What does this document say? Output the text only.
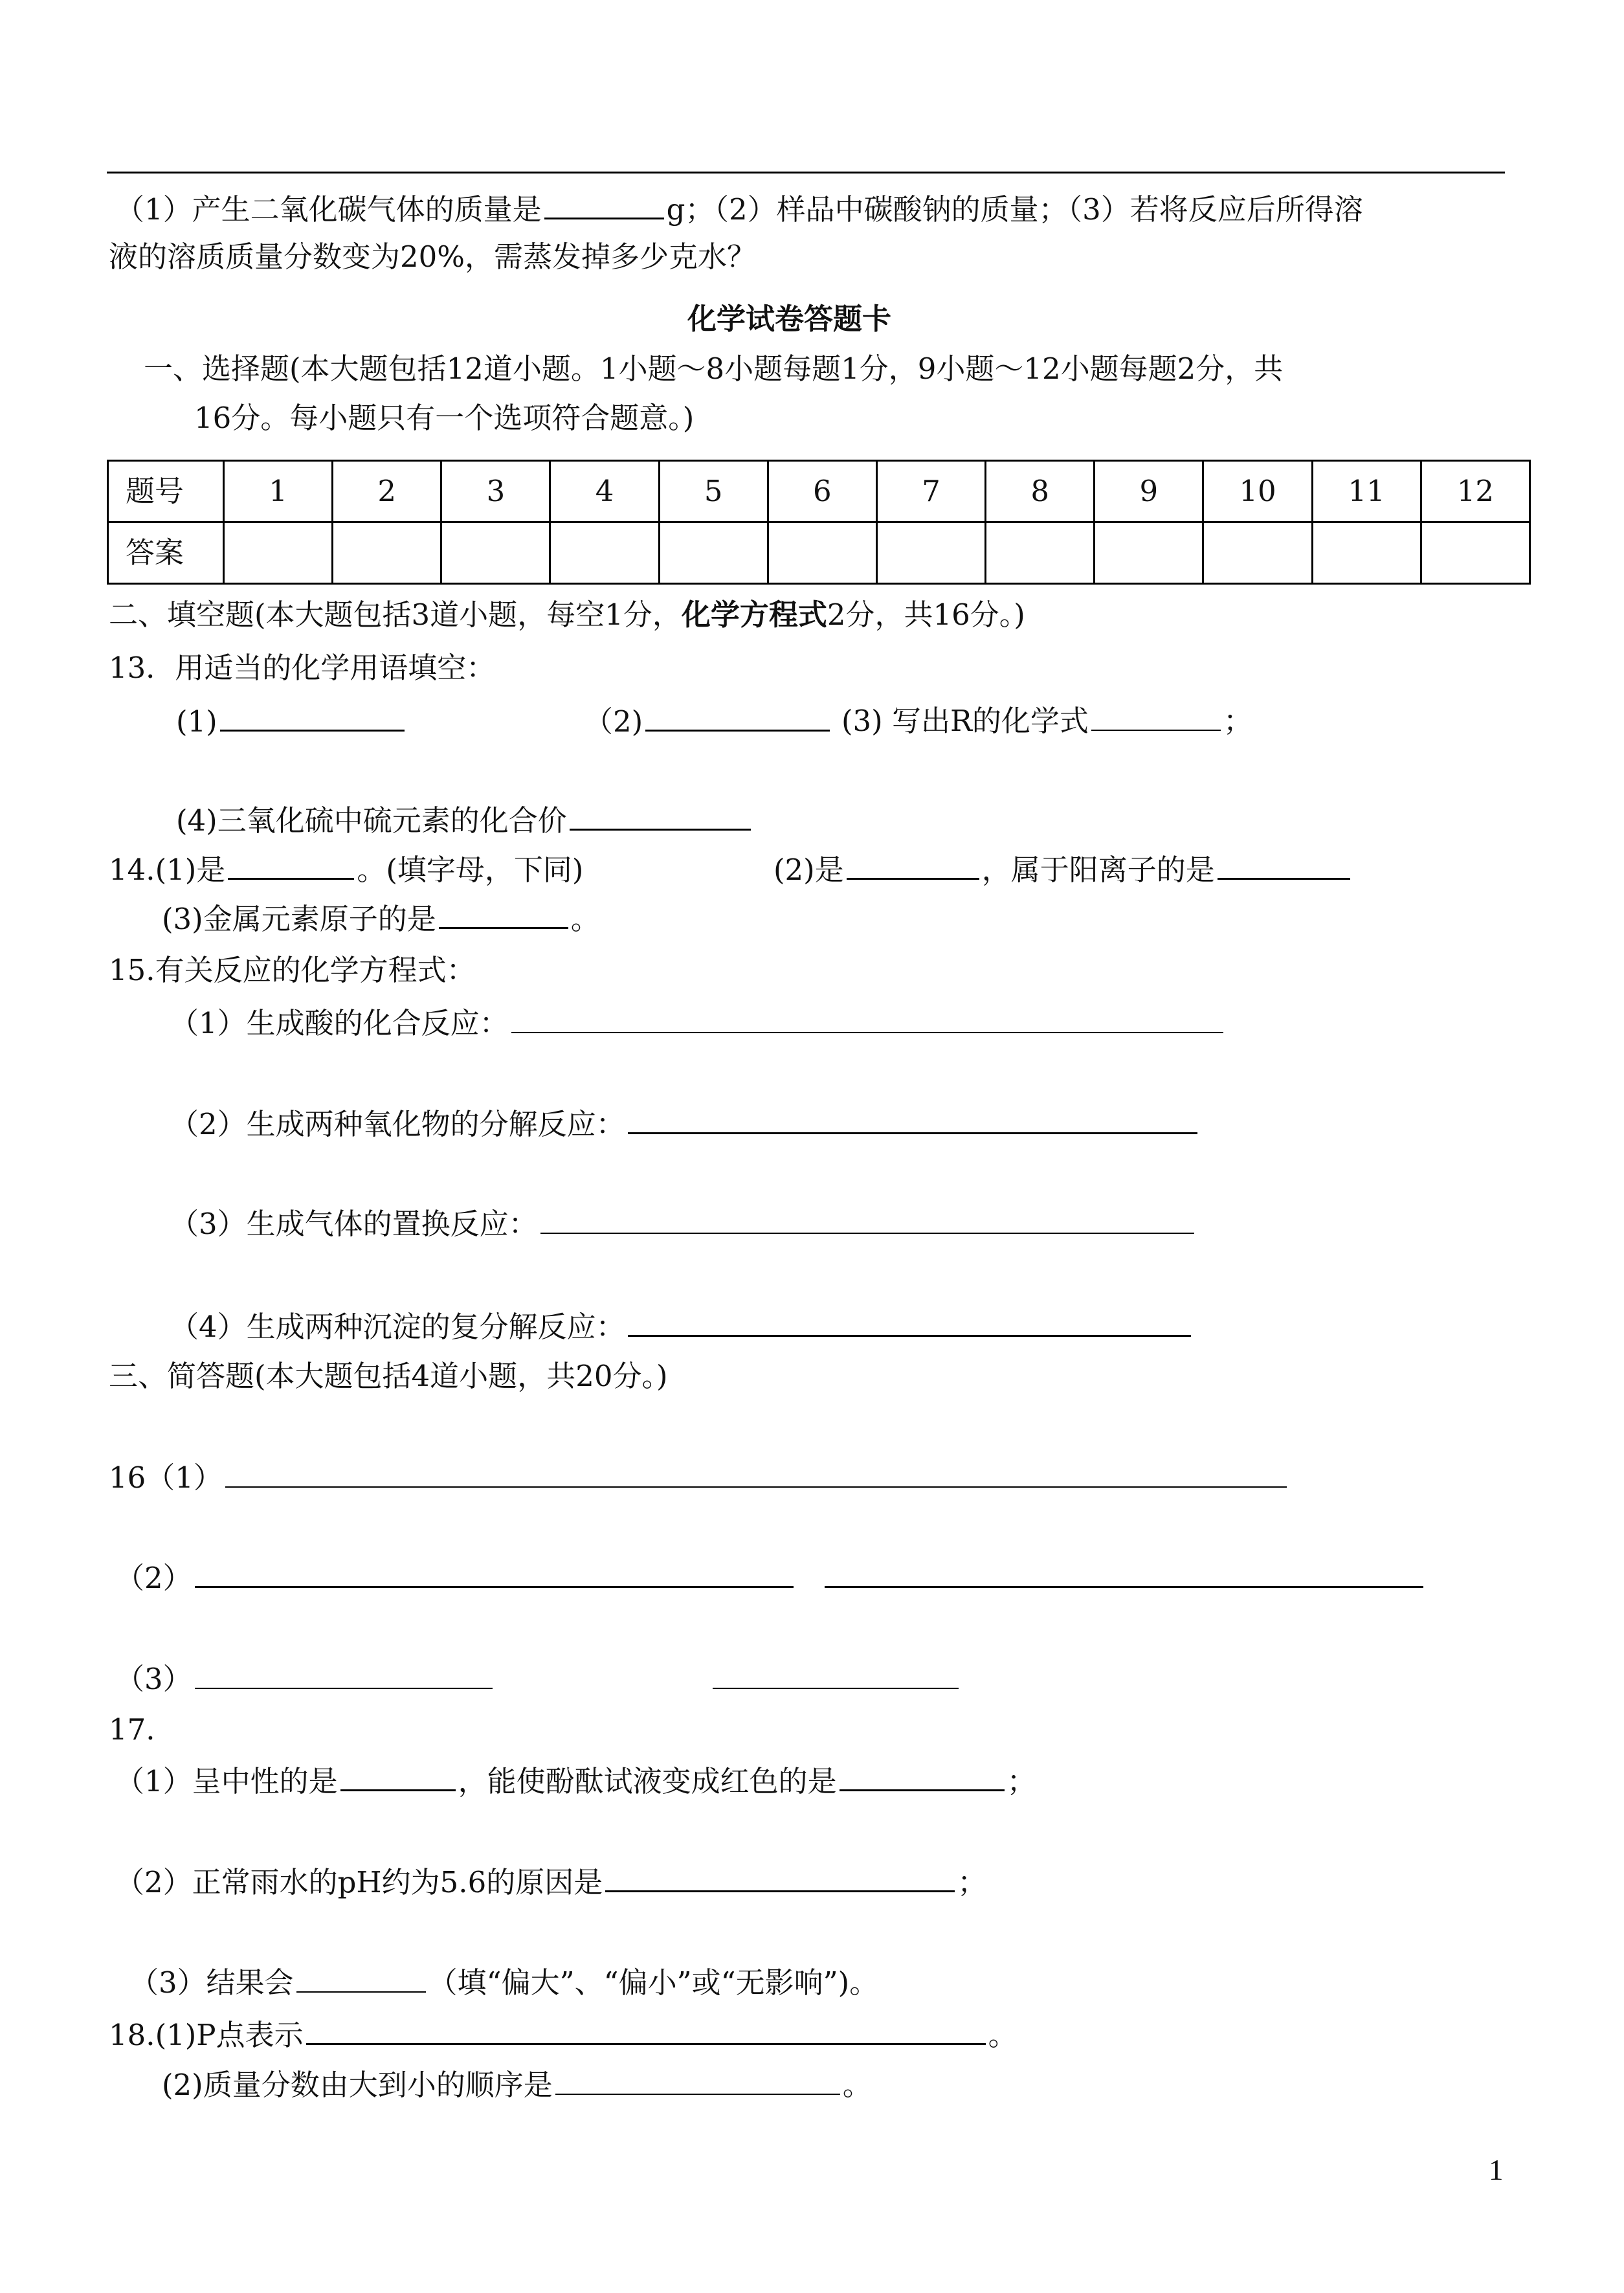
（1）产生二氧化碳气体的质量是	g；（2）样品中碳酸钠的质量；（3）若将反应后所得溶
液的溶质质量分数变为20%，需蒸发掉多少克水？
化学试卷答题卡
一、选择题(本大题包括12道小题。1小题～8小题每题1分，9小题～12小题每题2分，共
16分。每小题只有一个选项符合题意。)
题号	1	2	3	4	5	6	7	8	9	10	11	12
答案												
二、填空题(本大题包括3道小题，每空1分，化学方程式2分，共16分。)
13．用适当的化学用语填空：
(1)	（2)	(3) 写出R的化学式	；
(4)三氧化硫中硫元素的化合价
14.(1)是	。(填字母，下同)	(2)是	，属于阳离子的是
(3)金属元素原子的是	。
15.有关反应的化学方程式：
（1）生成酸的化合反应：
（2）生成两种氧化物的分解反应：
（3）生成气体的置换反应：
（4）生成两种沉淀的复分解反应：
三、简答题(本大题包括4道小题，共20分。)
16（1）
（2）
（3）
17.
（1）呈中性的是	，能使酚酞试液变成红色的是	；
（2）正常雨水的pH约为5.6的原因是	；
（3）结果会	（填“偏大”、“偏小”或“无影响”)。
18.(1)P点表示	。
(2)质量分数由大到小的顺序是	。
1
